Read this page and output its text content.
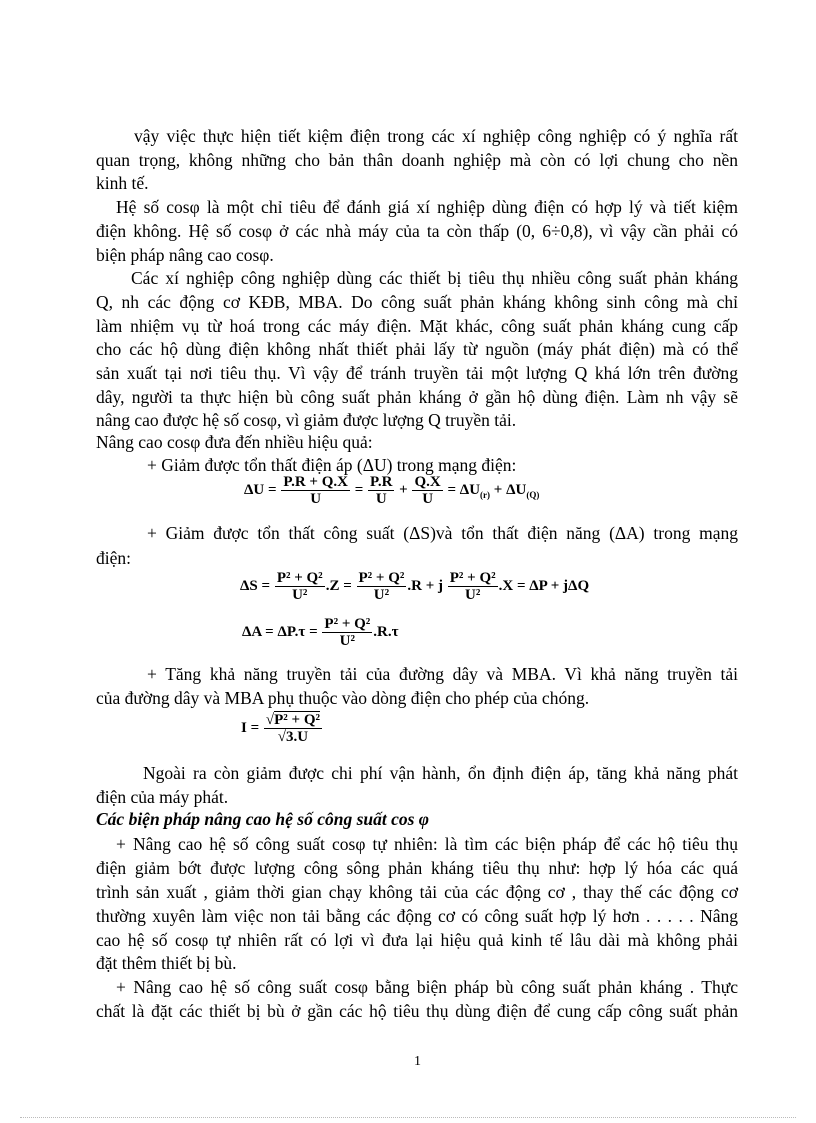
vậy việc thực hiện tiết kiệm điện trong các xí nghiệp công nghiệp có ý nghĩa rất
quan trọng, không những cho bản thân doanh nghiệp mà còn có lợi chung cho nền
kinh tế.
Hệ số cosφ là một chỉ tiêu để đánh giá xí nghiệp dùng điện có hợp lý và tiết kiệm
điện không. Hệ số cosφ ở các nhà máy của ta còn thấp (0, 6÷0,8), vì vậy cần phải có
biện pháp nâng cao cosφ.
Các xí nghiệp công nghiệp dùng các thiết bị tiêu thụ nhiều công suất phản kháng
Q, nh các động cơ KĐB, MBA. Do công suất phản kháng không sinh công mà chỉ
làm nhiệm vụ từ hoá trong các máy điện. Mặt khác, công suất phản kháng cung cấp
cho các hộ dùng điện không nhất thiết phải lấy từ nguồn (máy phát điện) mà có thể
sản xuất tại nơi tiêu thụ. Vì vậy để tránh truyền tải một lượng Q khá lớn trên đường
dây, người ta thực hiện bù công suất phản kháng ở gần hộ dùng điện. Làm nh vậy sẽ
nâng cao được hệ số cosφ, vì giảm được lượng Q truyền tải.
Nâng cao cosφ đưa đến nhiều hiệu quả:
+ Giảm được tổn thất điện áp (ΔU) trong mạng điện:
$\Delta U = \frac{P.R + Q.X}{U} = \frac{P.R}{U} + \frac{Q.X}{U} = \Delta U_{(r)} + \Delta U_{(Q)}$
+ Giảm được tổn thất công suất (ΔS)và tổn thất điện năng (ΔA) trong mạng
điện:
$\Delta S = \frac{\text{P² + Q²}}{\text{U²}} .Z = \frac{\text{P² + Q²}}{\text{U²}} .R + j \frac{\text{P² + Q²}}{\text{U²}} .X = \Delta P + j\Delta Q$
$\Delta A = \Delta P.\tau = \frac{\text{P² + Q²}}{\text{U²}} .R.\tau$
+ Tăng khả năng truyền tải của đường dây và MBA. Vì khả năng truyền tải
của đường dây và MBA phụ thuộc vào dòng điện cho phép của chóng.
$I = \frac{\text{√P² + Q²}}{√3.U}$
Ngoài ra còn giảm được chi phí vận hành, ổn định điện áp, tăng khả năng phát
điện của máy phát.
Các biện pháp nâng cao hệ số công suất cos φ
+ Nâng cao hệ số công suất cosφ tự nhiên: là tìm các biện pháp để các hộ tiêu thụ
điện giảm bớt được lượng công sông phản kháng tiêu thụ như: hợp lý hóa các quá
trình sản xuất , giảm thời gian chạy không tải của các động cơ , thay thế các động cơ
thường xuyên làm việc non tải bằng các động cơ có công suất hợp lý hơn . . . . . Nâng
cao hệ số cosφ tự nhiên rất có lợi vì đưa lại hiệu quả kinh tế lâu dài mà không phải
đặt thêm thiết bị bù.
+ Nâng cao hệ số công suất cosφ bằng biện pháp bù công suất phản kháng . Thực
chất là đặt các thiết bị bù ở gần các hộ tiêu thụ dùng điện để cung cấp công suất phản
1
